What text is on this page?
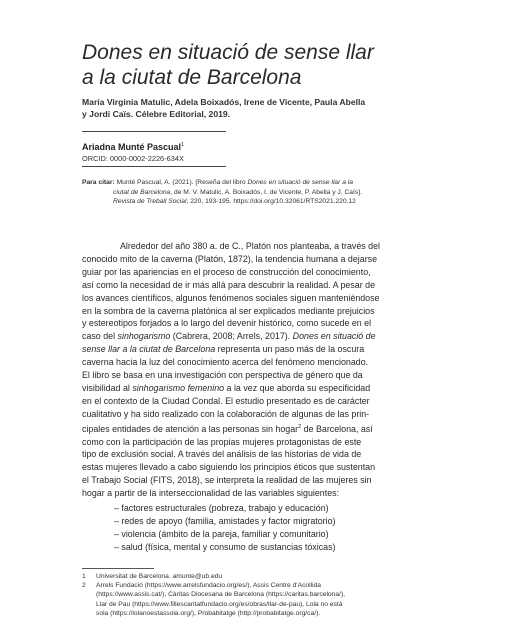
Dones en situació de sense llar
a la ciutat de Barcelona
María Virginia Matulic, Adela Boixadós, Irene de Vicente, Paula Abella
y Jordi Caïs. Célebre Editorial, 2019.
Ariadna Munté Pascual$^1$
ORCID: 0000-0002-2226-634X
Para citar: Munté Pascual, A. (2021). [Reseña del libro Dones en situació de sense llar a la
ciutat de Barcelona, de M. V. Matulic, A. Boixadós, I. de Vicente, P. Abella y J. Caïs].
Revista de Treball Social, 220, 193-195. https://doi.org/10.32061/RTS2021.220.12
Alrededor del año 380 a. de C., Platón nos planteaba, a través del
conocido mito de la caverna (Platón, 1872), la tendencia humana a dejarse
guiar por las apariencias en el proceso de construcción del conocimiento,
así como la necesidad de ir más allá para descubrir la realidad. A pesar de
los avances científicos, algunos fenómenos sociales siguen manteniéndose
en la sombra de la caverna platónica al ser explicados mediante prejuicios
y estereotipos forjados a lo largo del devenir histórico, como sucede en el
caso del sinhogarismo (Cabrera, 2008; Arrels, 2017). Dones en situació de
sense llar a la ciutat de Barcelona representa un paso más de la oscura
caverna hacia la luz del conocimiento acerca del fenómeno mencionado.
El libro se basa en una investigación con perspectiva de género que da
visibilidad al sinhogarismo femenino a la vez que aborda su especificidad
en el contexto de la Ciudad Condal. El estudio presentado es de carácter
cualitativo y ha sido realizado con la colaboración de algunas de las prin-
cipales entidades de atención a las personas sin hogar$^2$ de Barcelona, así
como con la participación de las propias mujeres protagonistas de este
tipo de exclusión social. A través del análisis de las historias de vida de
estas mujeres llevado a cabo siguiendo los principios éticos que sustentan
el Trabajo Social (FITS, 2018), se interpreta la realidad de las mujeres sin
hogar a partir de la interseccionalidad de las variables siguientes:
– factores estructurales (pobreza, trabajo y educación)
– redes de apoyo (familia, amistades y factor migratorio)
– violencia (ámbito de la pareja, familiar y comunitario)
– salud (física, mental y consumo de sustancias tóxicas)
1 Universitat de Barcelona. amunte@ub.edu
2 Arrels Fundació (https://www.arrelsfundacio.org/es/), Assis Centre d'Acollida
(https://www.assis.cat/), Càritas Diocesana de Barcelona (https://caritas.barcelona/),
Llar de Pau (https://www.fillescaritatfundacio.org/es/obras/llar-de-pau), Lola no està
sola (https://lolanoestassola.org/), Probabitatge (http://probabitatge.org/ca/).
